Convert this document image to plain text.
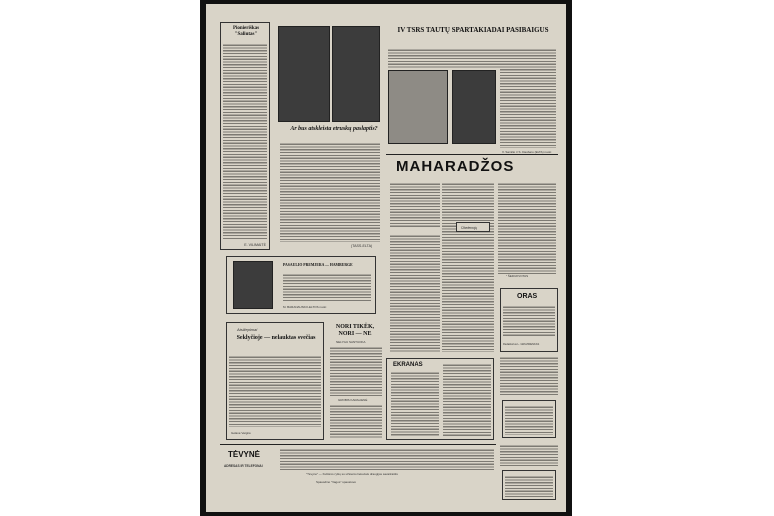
Pionieriškas "Saliutas"
E. VILIMAITĖ
Ar bus atskleista etruskų paslaptis?
(TASS-ELTA)
IV TSRS TAUTŲ SPARTAKIADAI PASIBAIGUS
V. Samilio ir S. Daubaro (ELTA) nuotr.
PASAULIO PREMJERA — HAMBURGE
M. BARANAUSKO-ELTOS nuotr.
MAHARADŽOS
Ūbelenojų
" ŠEDUKVOTAS
ORAS
Redaktorius L. GRUZDIENKAS
Atsiliepimai
Seklyčioje — nelauktas svečias
Gėlavė Vargirė
NORI TIKĖK, NORI — NE
NELYGU SANTUOKA
GROBIS KARALIENĖ
EKRANAS
TĖVYNĖ
ADRESAS IR TELEFONAI
"Tėvynė" — Kultūros ryšių su užsienio lietuviais draugijos savaitraštis
Spausdino "Vagos" spaustuvė
